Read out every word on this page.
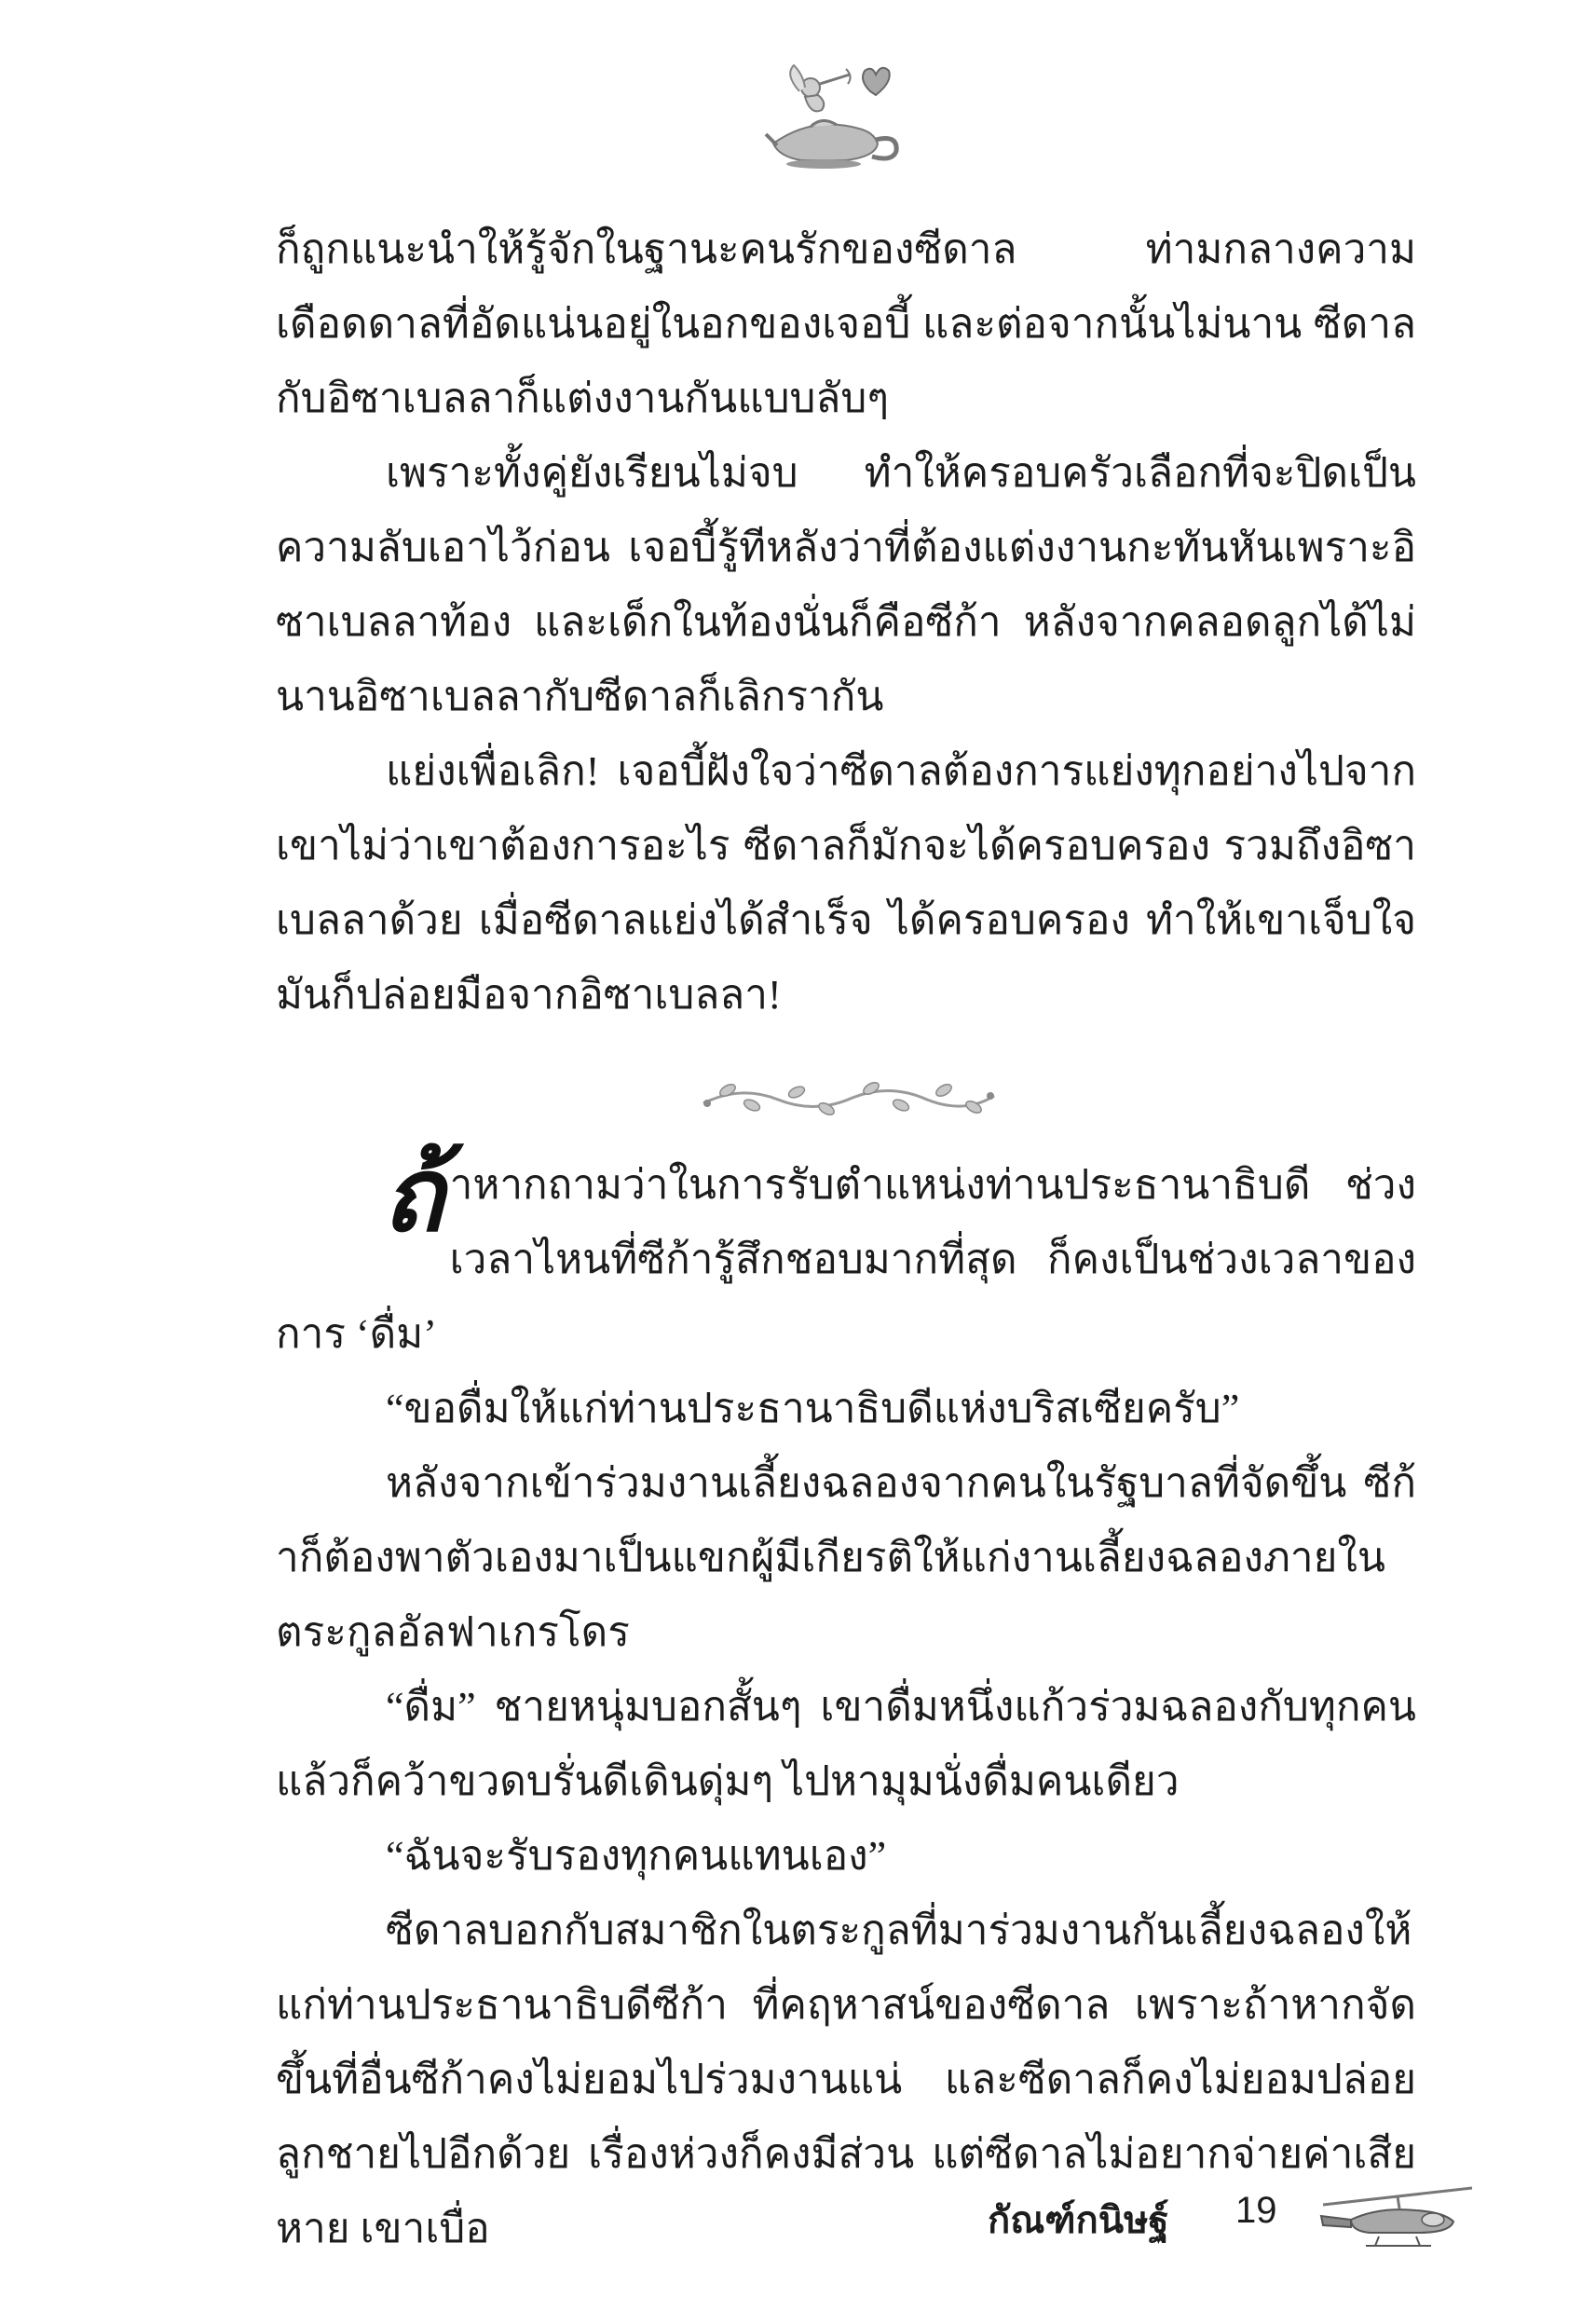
ก็ถูกแนะนำให้รู้จักในฐานะคนรักของซีดาล ท่ามกลางความเดือดดาลที่อัดแน่นอยู่ในอกของเจอบี้ และต่อจากนั้นไม่นาน ซีดาลกับอิซาเบลลาก็แต่งงานกันแบบลับๆ

เพราะทั้งคู่ยังเรียนไม่จบ ทำให้ครอบครัวเลือกที่จะปิดเป็นความลับเอาไว้ก่อน เจอบี้รู้ทีหลังว่าที่ต้องแต่งงานกะทันหันเพราะอิซาเบลลาท้อง และเด็กในท้องนั่นก็คือซีก้า หลังจากคลอดลูกได้ไม่นานอิซาเบลลากับซีดาลก็เลิกรากัน

แย่งเพื่อเลิก! เจอบี้ฝังใจว่าซีดาลต้องการแย่งทุกอย่างไปจากเขาไม่ว่าเขาต้องการอะไร ซีดาลก็มักจะได้ครอบครอง รวมถึงอิซาเบลลาด้วย เมื่อซีดาลแย่งได้สำเร็จ ได้ครอบครอง ทำให้เขาเจ็บใจ มันก็ปล่อยมือจากอิซาเบลลา!

ถ้าหากถามว่าในการรับตำแหน่งท่านประธานาธิบดี ช่วงเวลาไหนที่ซีก้ารู้สึกชอบมากที่สุด ก็คงเป็นช่วงเวลาของการ ‘ดื่ม’

“ขอดื่มให้แก่ท่านประธานาธิบดีแห่งบริสเซียครับ”

หลังจากเข้าร่วมงานเลี้ยงฉลองจากคนในรัฐบาลที่จัดขึ้น ซีก้าก็ต้องพาตัวเองมาเป็นแขกผู้มีเกียรติให้แก่งานเลี้ยงฉลองภายในตระกูลอัลฟาเกรโดร

“ดื่ม” ชายหนุ่มบอกสั้นๆ เขาดื่มหนึ่งแก้วร่วมฉลองกับทุกคนแล้วก็คว้าขวดบรั่นดีเดินดุ่มๆ ไปหามุมนั่งดื่มคนเดียว

“ฉันจะรับรองทุกคนแทนเอง”

ซีดาลบอกกับสมาชิกในตระกูลที่มาร่วมงานกันเลี้ยงฉลองให้แก่ท่านประธานาธิบดีซีก้า ที่คฤหาสน์ของซีดาล เพราะถ้าหากจัดขึ้นที่อื่นซีก้าคงไม่ยอมไปร่วมงานแน่ และซีดาลก็คงไม่ยอมปล่อยลูกชายไปอีกด้วย เรื่องห่วงก็คงมีส่วน แต่ซีดาลไม่อยากจ่ายค่าเสียหาย เขาเบื่อ	กัณฑ์กนิษฐ์ 19
